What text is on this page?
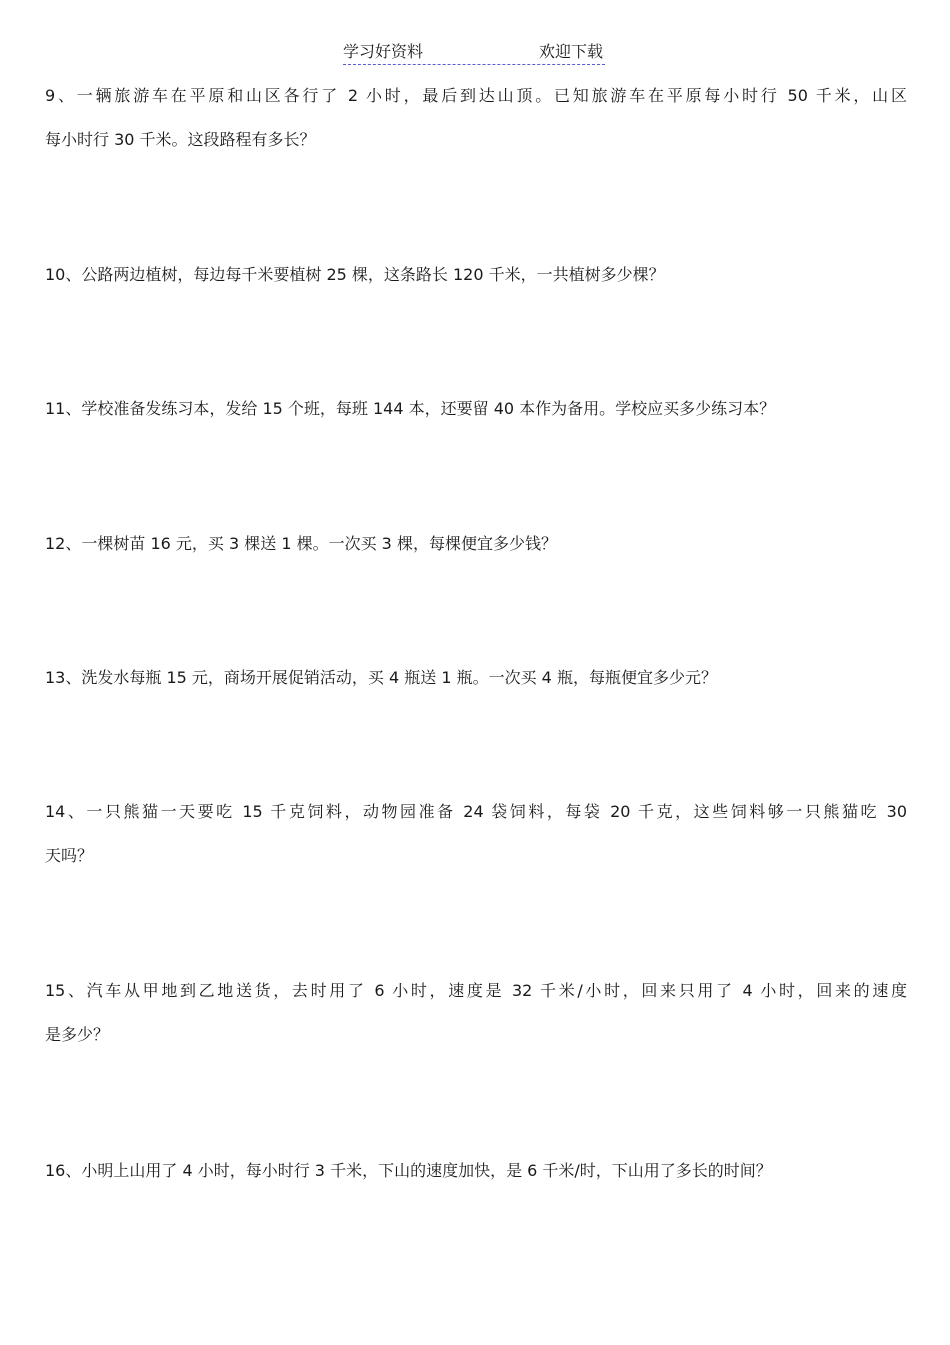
学习好资料	欢迎下载
9、一辆旅游车在平原和山区各行了 2 小时，最后到达山顶。已知旅游车在平原每小时行 50 千米，山区
每小时行 30 千米。这段路程有多长？
10、公路两边植树，每边每千米要植树 25 棵，这条路长 120 千米，一共植树多少棵？
11、学校准备发练习本，发给 15 个班，每班 144 本，还要留 40 本作为备用。学校应买多少练习本？
12、一棵树苗 16 元，买 3 棵送 1 棵。一次买 3 棵，每棵便宜多少钱？
13、洗发水每瓶 15 元，商场开展促销活动，买 4 瓶送 1 瓶。一次买 4 瓶，每瓶便宜多少元？
14、一只熊猫一天要吃 15 千克饲料，动物园准备 24 袋饲料，每袋 20 千克，这些饲料够一只熊猫吃 30
天吗？
15、汽车从甲地到乙地送货，去时用了 6 小时，速度是 32 千米/小时，回来只用了 4 小时，回来的速度
是多少？
16、小明上山用了 4 小时，每小时行 3 千米，下山的速度加快，是 6 千米/时，下山用了多长的时间？
